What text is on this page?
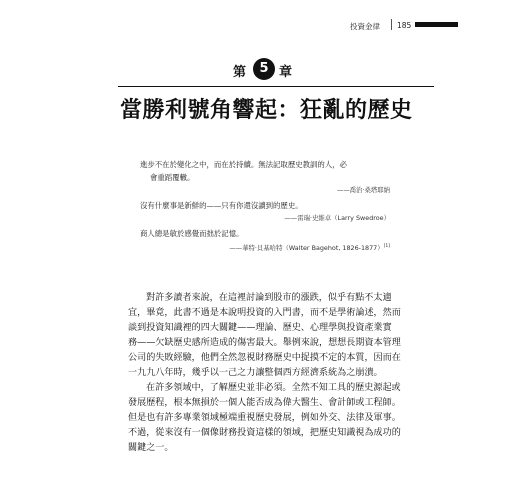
投資金律 185
第	5 章
當勝利號角響起：狂亂的歷史
進步不在於變化之中，而在於持續。無法記取歷史教訓的人，必
會重蹈覆轍。
——喬治·桑塔耶納
沒有什麼事是新鮮的——只有你還沒讀到的歷史。
——雷瑞·史維卓（Larry Swedroe）
商人總是敏於感覺而拙於記憶。
——華特·貝基哈特（Walter Bagehot, 1826-1877）[1]
對許多讀者來說，在這裡討論到股市的漲跌，似乎有點不太適
宜，畢竟，此書不過是本說明投資的入門書，而不是學術論述，然而
談到投資知識裡的四大關鍵——理論、歷史、心理學與投資產業實
務——欠缺歷史感所造成的傷害最大。舉例來說，想想長期資本管理
公司的失敗經驗，他們全然忽視財務歷史中捉摸不定的本質，因而在
一九九八年時，幾乎以一己之力讓整個西方經濟系統為之崩潰。
在許多領域中，了解歷史並非必須。全然不知工具的歷史源起或
發展歷程，根本無損於一個人能否成為偉大醫生、會計師或工程師。
但是也有許多專業領域極端重視歷史發展，例如外交、法律及軍事。
不過，從來沒有一個像財務投資這樣的領域，把歷史知識視為成功的
關鍵之一。
